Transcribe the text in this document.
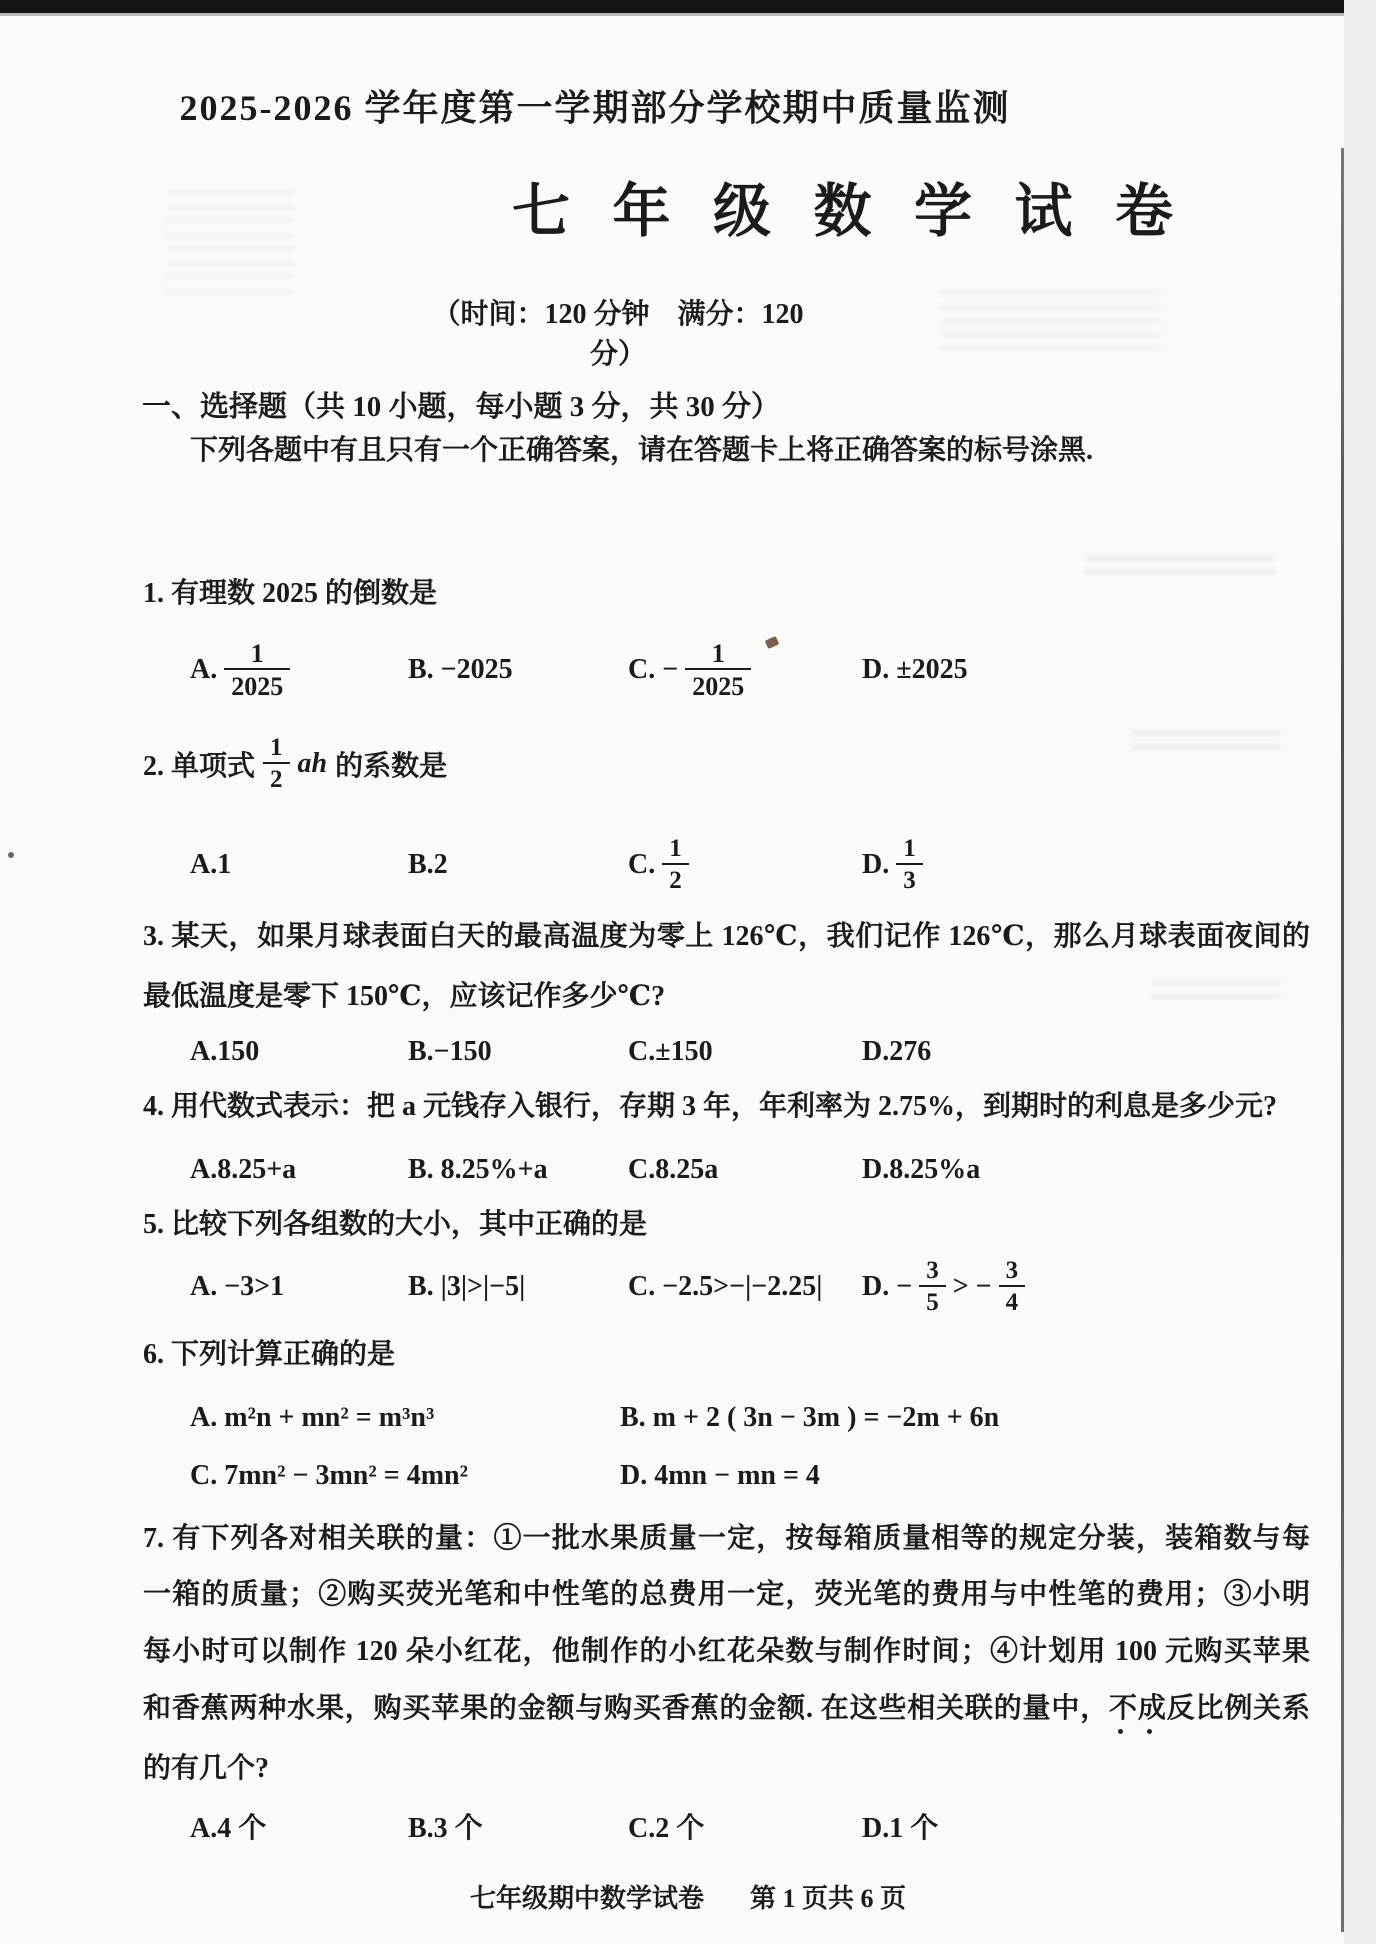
2025-2026 学年度第一学期部分学校期中质量监测
七 年 级 数 学 试 卷
（时间：120 分钟　满分：120 分）
一、选择题（共 10 小题，每小题 3 分，共 30 分）
下列各题中有且只有一个正确答案，请在答题卡上将正确答案的标号涂黑.
1. 有理数 2025 的倒数是
A. $\frac{1}{2025}$	B. −2025	C. − $\frac{1}{2025}$	D. ±2025
2. 单项式 $\frac{1}{2}$ ah 的系数是
A.1	B.2	C. $\frac{1}{2}$	D. $\frac{1}{3}$
3. 某天，如果月球表面白天的最高温度为零上 126℃，我们记作 126℃，那么月球表面夜间的
最低温度是零下 150℃，应该记作多少℃?
A.150	B.−150	C.±150	D.276
4. 用代数式表示：把 a 元钱存入银行，存期 3 年，年利率为 2.75%，到期时的利息是多少元?
A.8.25+a	B. 8.25%+a	C.8.25a	D.8.25%a
5. 比较下列各组数的大小，其中正确的是
A. −3>1	B. |3|>|−5|	C. −2.5>−|−2.25|	D. − $\frac{3}{5}$ > − $\frac{3}{4}$
6. 下列计算正确的是
A. m²n + mn² = m³n³	B. m + 2 ( 3n − 3m ) = −2m + 6n
C. 7mn² − 3mn² = 4mn²	D. 4mn − mn = 4
7. 有下列各对相关联的量：①一批水果质量一定，按每箱质量相等的规定分装，装箱数与每
一箱的质量；②购买荧光笔和中性笔的总费用一定，荧光笔的费用与中性笔的费用；③小明
每小时可以制作 120 朵小红花，他制作的小红花朵数与制作时间；④计划用 100 元购买苹果
和香蕉两种水果，购买苹果的金额与购买香蕉的金额. 在这些相关联的量中，不成反比例关系
的有几个?
A.4 个	B.3 个	C.2 个	D.1 个
七年级期中数学试卷 第 1 页共 6 页
